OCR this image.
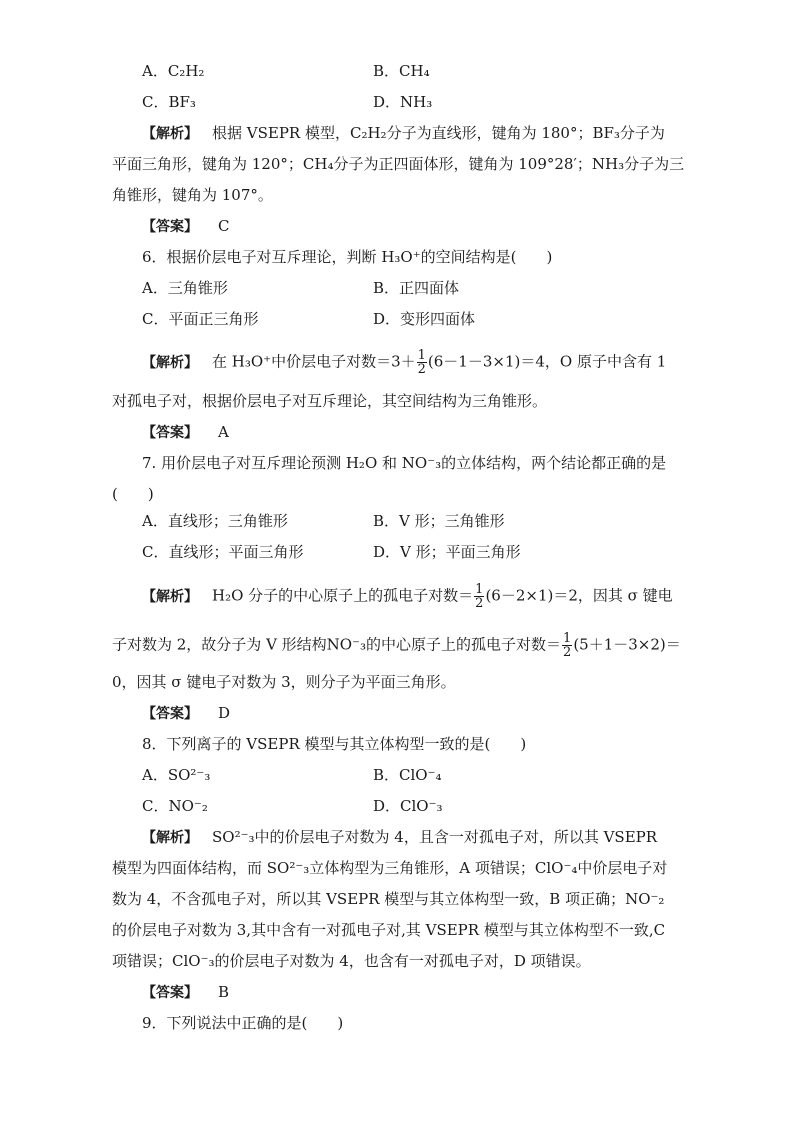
A．C₂H₂	B．CH₄
C．BF₃	D．NH₃
【解析】 根据 VSEPR 模型，C₂H₂分子为直线形，键角为 180°；BF₃分子为
平面三角形，键角为 120°；CH₄分子为正四面体形，键角为 109°28′；NH₃分子为三
角锥形，键角为 107°。
【答案】 C
6．根据价层电子对互斥理论，判断 H₃O⁺的空间结构是(　　)
A．三角锥形	B．正四面体
C．平面正三角形	D．变形四面体
【解析】 在 H₃O⁺中价层电子对数$=3+ \frac{1}{2} (6-1-3\times 1)=4$，O 原子中含有 1
对孤电子对，根据价层电子对互斥理论，其空间结构为三角锥形。
【答案】 A
7. 用价层电子对互斥理论预测 H₂O 和 NO⁻₃的立体结构，两个结论都正确的是
(　　)
A．直线形；三角锥形	B．V 形；三角锥形
C．直线形；平面三角形	D．V 形；平面三角形
【解析】 H₂O 分子的中心原子上的孤电子对数＝ $\frac{1}{2} (6-2\times 1)=2$，因其 σ 键电
子对数为 2，故分子为 V 形结构NO⁻₃的中心原子上的孤电子对数＝ $\frac{1}{2} (5+1-3\times 2)=$
0，因其 σ 键电子对数为 3，则分子为平面三角形。
【答案】 D
8．下列离子的 VSEPR 模型与其立体构型一致的是(　　)
A．SO²⁻₃	B．ClO⁻₄
C．NO⁻₂	D．ClO⁻₃
【解析】 SO²⁻₃中的价层电子对数为 4，且含一对孤电子对，所以其 VSEPR
模型为四面体结构，而 SO²⁻₃立体构型为三角锥形，A 项错误；ClO⁻₄中价层电子对
数为 4，不含孤电子对，所以其 VSEPR 模型与其立体构型一致，B 项正确；NO⁻₂
的价层电子对数为 3,其中含有一对孤电子对,其 VSEPR 模型与其立体构型不一致,C
项错误；ClO⁻₃的价层电子对数为 4，也含有一对孤电子对，D 项错误。
【答案】 B
9．下列说法中正确的是(　　)
